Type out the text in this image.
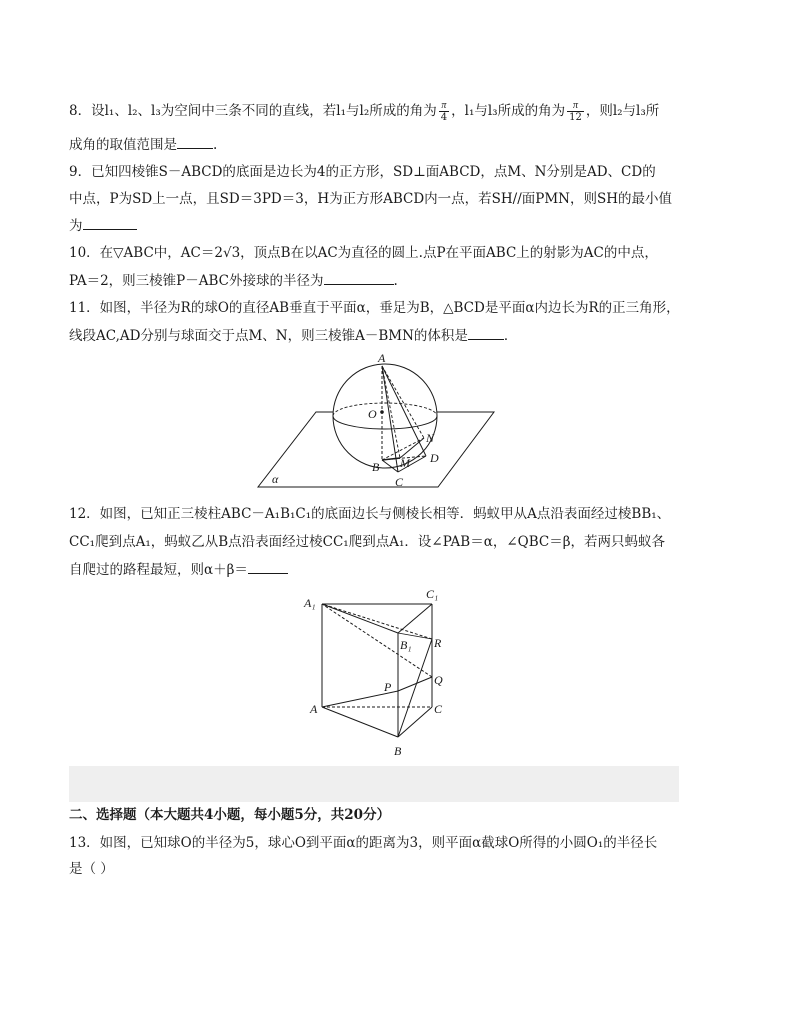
8．设l₁、l₂、l₃为空间中三条不同的直线，若l₁与l₂所成的角为 $\frac{\pi}{4}$ ，l₁与l₃所成的角为 $\frac{\pi}{12}$ ，则l₂与l₃所
成角的取值范围是	.
9．已知四棱锥S－ABCD的底面是边长为4的正方形，SD⊥面ABCD，点M、N分别是AD、CD的
中点，P为SD上一点，且SD＝3PD＝3，H为正方形ABCD内一点，若SH//面PMN，则SH的最小值
为
10．在▽ABC中，AC＝2√3，顶点B在以AC为直径的圆上.点P在平面ABC上的射影为AC的中点，
PA＝2，则三棱锥P－ABC外接球的半径为	.
11．如图，半径为R的球O的直径AB垂直于平面α，垂足为B，△BCD是平面α内边长为R的正三角形，
线段AC,AD分别与球面交于点M、N，则三棱锥A－BMN的体积是	．
A
O
N
M D
B
C
α
12．如图，已知正三棱柱ABC－A₁B₁C₁的底面边长与侧棱长相等．蚂蚁甲从A点沿表面经过棱BB₁、
CC₁爬到点A₁，蚂蚁乙从B点沿表面经过棱CC₁爬到点A₁．设∠PAB＝α，∠QBC＝β，若两只蚂蚁各
自爬过的路程最短，则α＋β＝
A₁
C₁
B₁ R
P	Q
A	C
B
二、选择题（本大题共4小题，每小题5分，共20分）
13．如图，已知球O的半径为5，球心O到平面α的距离为3，则平面α截球O所得的小圆O₁的半径长
是（ ）
